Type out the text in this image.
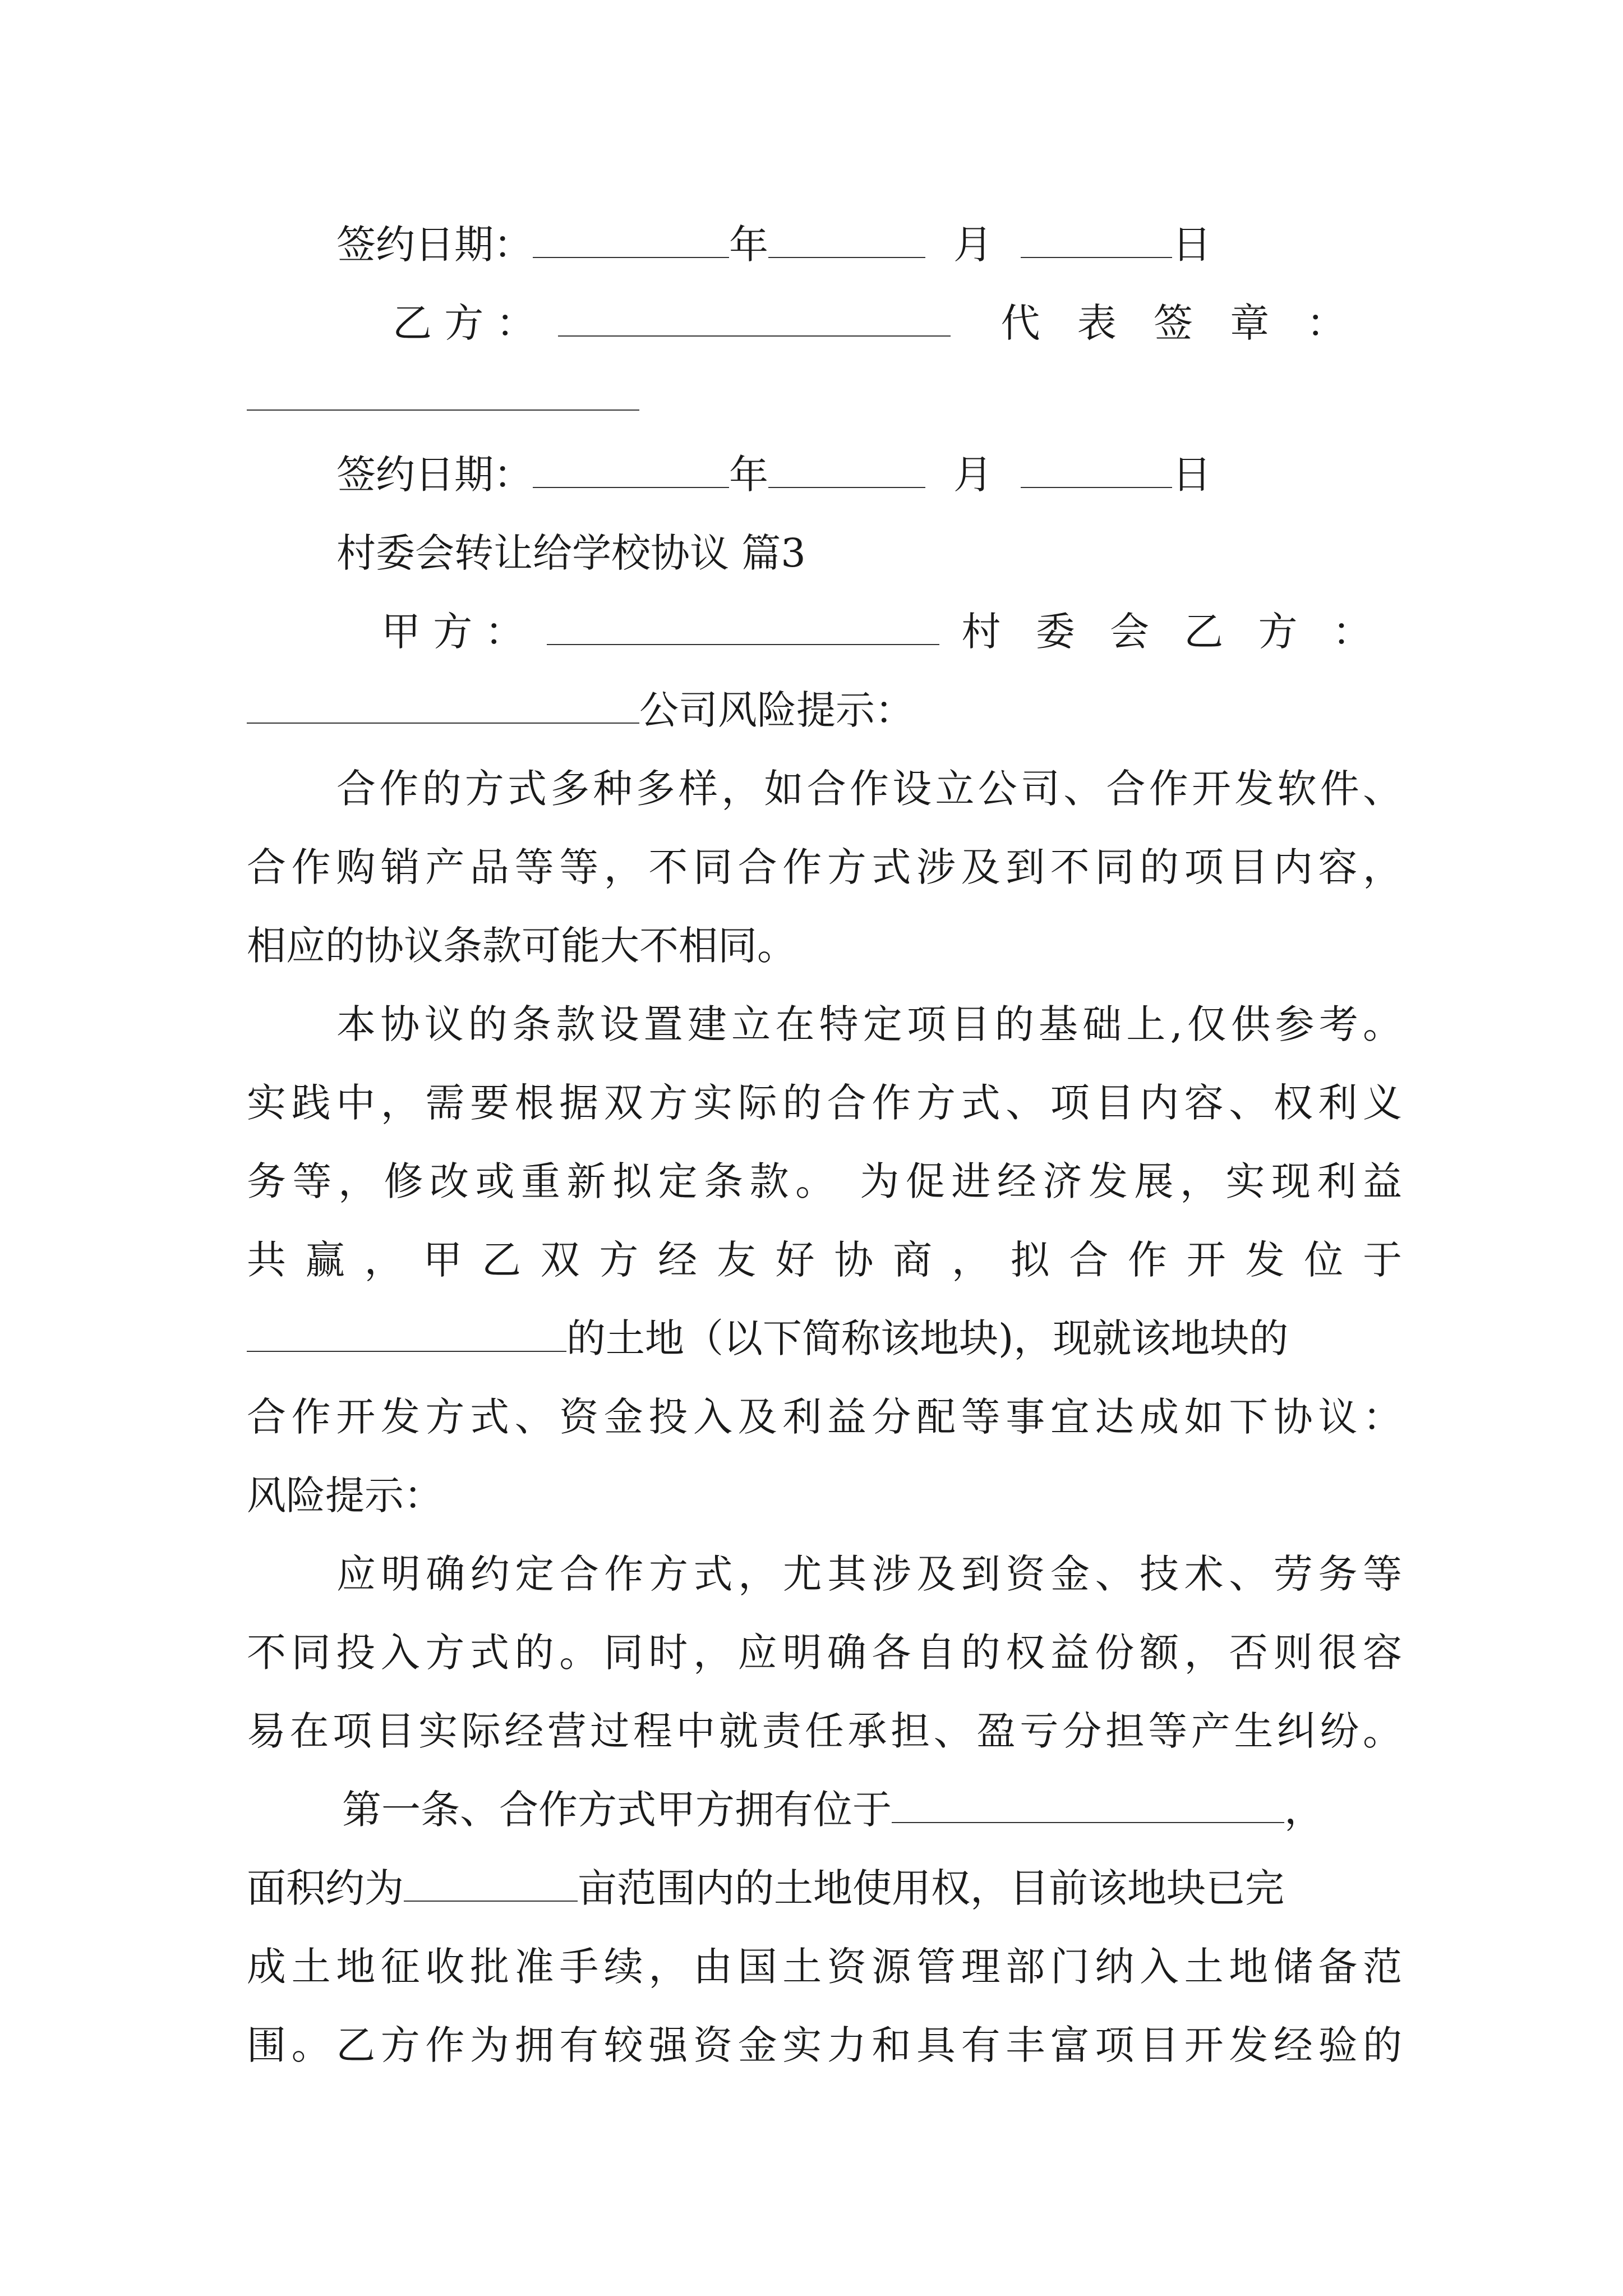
签约日期：	年	月	日
乙 方 ：	代 表 签 章 ：
签约日期：	年	月	日
村委会转让给学校协议 篇3
甲 方 ：	村 委 会 乙 方 ：
公司风险提示：
合作的方式多种多样，如合作设立公司、合作开发软件、
合作购销产品等等，不同合作方式涉及到不同的项目内容，
相应的协议条款可能大不相同。
本协议的条款设置建立在特定项目的基础上,仅供参考。
实践中，需要根据双方实际的合作方式、项目内容、权利义
务等，修改或重新拟定条款。 为促进经济发展，实现利益
共 赢 ， 甲 乙 双 方 经 友 好 协 商 ， 拟 合 作 开 发 位 于
的土地（以下简称该地块)，现就该地块的
合作开发方式、资金投入及利益分配等事宜达成如下协议：
风险提示：
应明确约定合作方式，尤其涉及到资金、技术、劳务等
不同投入方式的。同时，应明确各自的权益份额，否则很容
易在项目实际经营过程中就责任承担、盈亏分担等产生纠纷。
第一条、合作方式甲方拥有位于	，
面积约为	亩范围内的土地使用权，目前该地块已完
成土地征收批准手续，由国土资源管理部门纳入土地储备范
围。乙方作为拥有较强资金实力和具有丰富项目开发经验的
